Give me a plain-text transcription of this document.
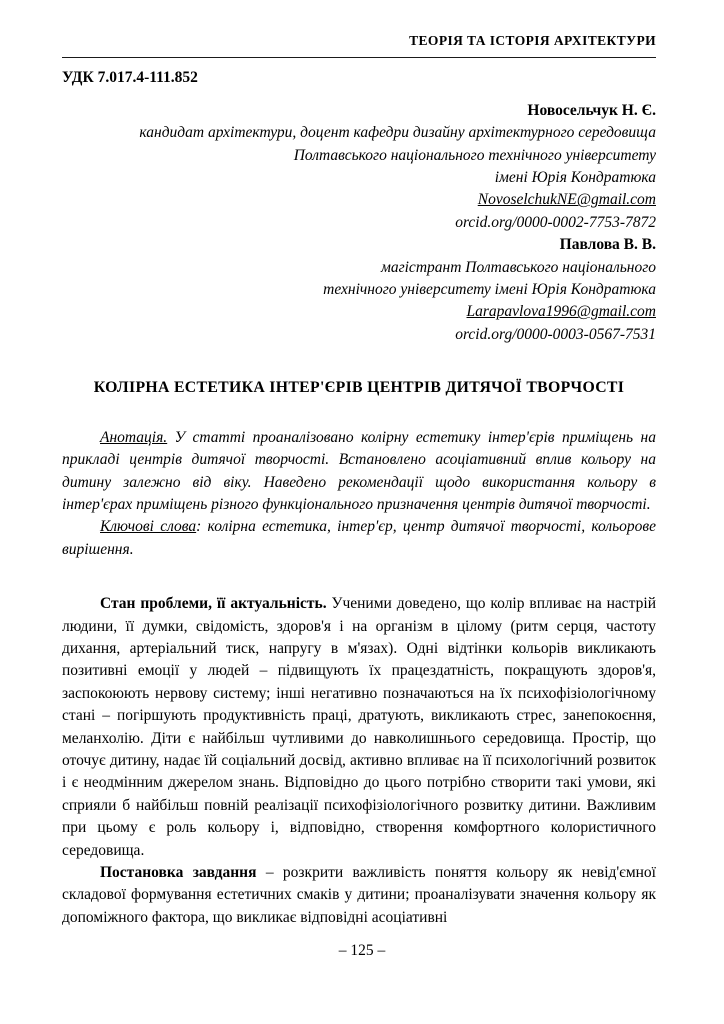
ТЕОРІЯ ТА ІСТОРІЯ АРХІТЕКТУРИ
УДК 7.017.4-111.852
Новосельчук Н. Є.
кандидат архітектури, доцент кафедри дизайну архітектурного середовища
Полтавського національного технічного університету
імені Юрія Кондратюка
NovoselchukNE@gmail.com
orcid.org/0000-0002-7753-7872
Павлова В. В.
магістрант Полтавського національного
технічного університету імені Юрія Кондратюка
Larapavlova1996@gmail.com
orcid.org/0000-0003-0567-7531
КОЛІРНА ЕСТЕТИКА ІНТЕР'ЄРІВ ЦЕНТРІВ ДИТЯЧОЇ ТВОРЧОСТІ

Анотація. У статті проаналізовано колірну естетику інтер'єрів приміщень на прикладі центрів дитячої творчості. Встановлено асоціативний вплив кольору на дитину залежно від віку. Наведено рекомендації щодо використання кольору в інтер'єрах приміщень різного функціонального призначення центрів дитячої творчості.

Ключові слова: колірна естетика, інтер'єр, центр дитячої творчості, кольорове вирішення.

Стан проблеми, її актуальність. Ученими доведено, що колір впливає на настрій людини, її думки, свідомість, здоров'я і на організм в цілому (ритм серця, частоту дихання, артеріальний тиск, напругу в м'язах). Одні відтінки кольорів викликають позитивні емоції у людей – підвищують їх працездатність, покращують здоров'я, заспокоюють нервову систему; інші негативно позначаються на їх психофізіологічному стані – погіршують продуктивність праці, дратують, викликають стрес, занепокоєння, меланхолію. Діти є найбільш чутливими до навколишнього середовища. Простір, що оточує дитину, надає їй соціальний досвід, активно впливає на її психологічний розвиток і є неодмінним джерелом знань. Відповідно до цього потрібно створити такі умови, які сприяли б найбільш повній реалізації психофізіологічного розвитку дитини. Важливим при цьому є роль кольору і, відповідно, створення комфортного колористичного середовища.

Постановка завдання – розкрити важливість поняття кольору як невід'ємної складової формування естетичних смаків у дитини; проаналізувати значення кольору як допоміжного фактора, що викликає відповідні асоціативні

– 125 –
